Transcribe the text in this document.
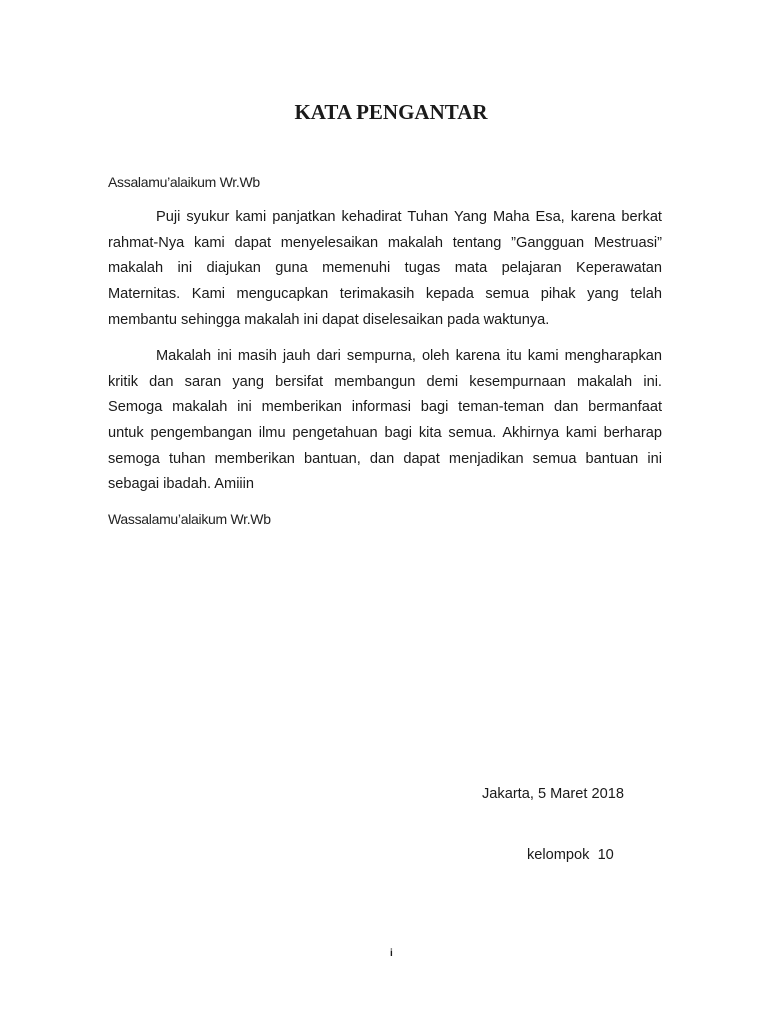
KATA PENGANTAR
Assalamu’alaikum Wr.Wb
Puji syukur kami panjatkan kehadirat Tuhan Yang Maha Esa, karena berkat
rahmat-Nya kami dapat menyelesaikan makalah tentang ”Gangguan Mestruasi”
makalah ini diajukan guna memenuhi tugas mata pelajaran Keperawatan
Maternitas. Kami mengucapkan terimakasih kepada semua pihak yang telah
membantu sehingga makalah ini dapat diselesaikan pada waktunya.
Makalah ini masih jauh dari sempurna, oleh karena itu kami mengharapkan
kritik dan saran yang bersifat membangun demi kesempurnaan makalah ini.
Semoga makalah ini memberikan informasi bagi teman-teman dan bermanfaat
untuk pengembangan ilmu pengetahuan bagi kita semua. Akhirnya kami berharap
semoga tuhan memberikan bantuan, dan dapat menjadikan semua bantuan ini
sebagai ibadah. Amiiin
Wassalamu’alaikum Wr.Wb
Jakarta, 5 Maret 2018
kelompok  10
i
